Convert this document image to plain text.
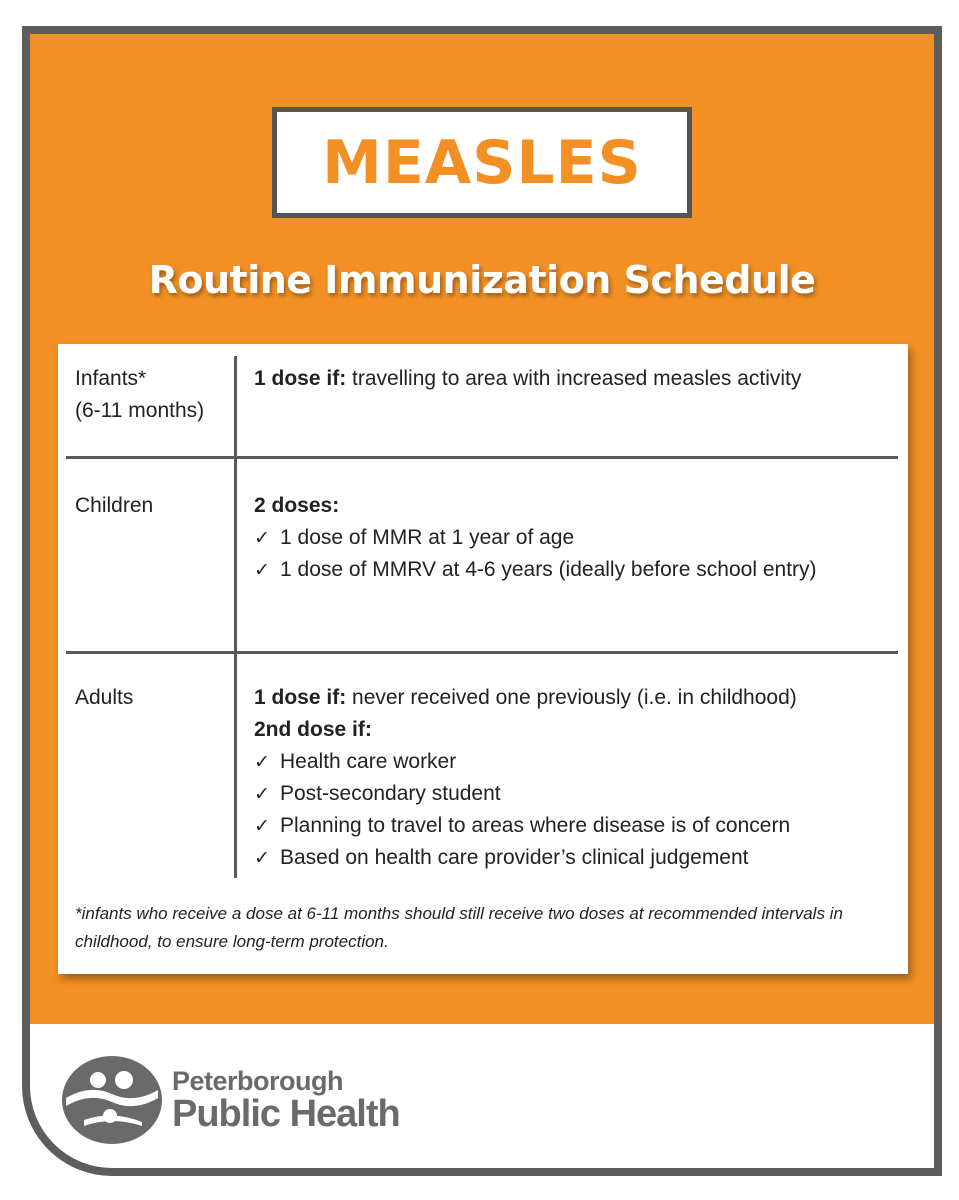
MEASLES
Routine Immunization Schedule
Infants*
(6-11 months)
1 dose if: travelling to area with increased measles activity
Children	2 doses:
✓ 1 dose of MMR at 1 year of age
✓ 1 dose of MMRV at 4-6 years (ideally before school entry)
Adults	1 dose if: never received one previously (i.e. in childhood)
2nd dose if:
✓ Health care worker
✓ Post-secondary student
✓ Planning to travel to areas where disease is of concern
✓ Based on health care provider’s clinical judgement
*infants who receive a dose at 6-11 months should still receive two doses at recommended intervals in childhood, to ensure long-term protection.
Peterborough
Public Health
